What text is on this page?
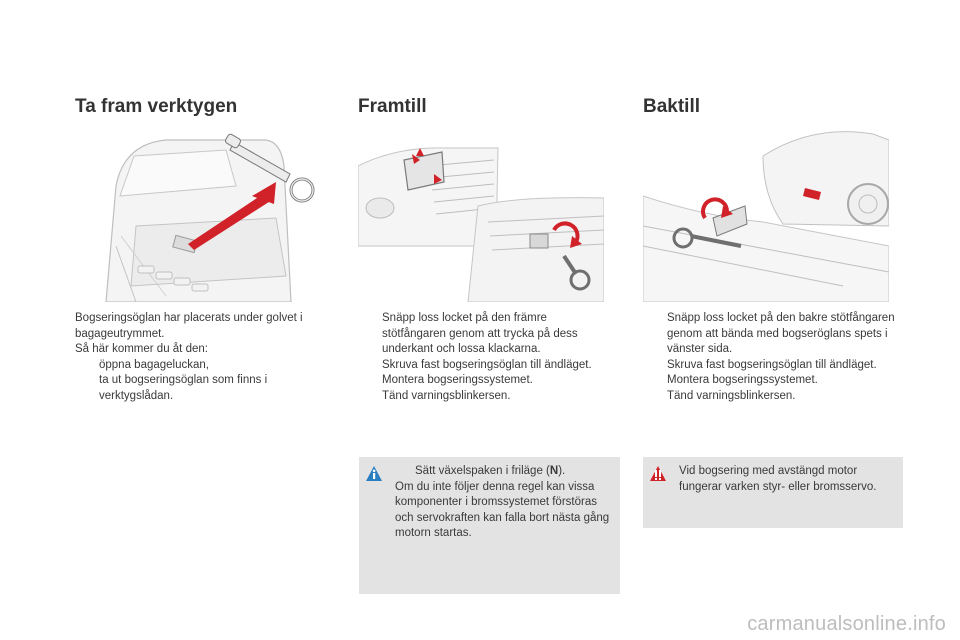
Ta fram verktygen	Framtill	Baktill

Bogseringsöglan har placerats under golvet i bagageutrymmet.

Så här kommer du åt den:

öppna bagageluckan,
ta ut bogseringsöglan som finns i verktygslådan.
Snäpp loss locket på den främre stötfångaren genom att trycka på dess underkant och lossa klackarna.
Skruva fast bogseringsöglan till ändläget.
Montera bogseringssystemet.
Tänd varningsblinkersen.
Snäpp loss locket på den bakre stötfångaren genom att bända med bogseröglans spets i vänster sida.
Skruva fast bogseringsöglan till ändläget.
Montera bogseringssystemet.
Tänd varningsblinkersen.
Sätt växelspaken i friläge (N).

Om du inte följer denna regel kan vissa komponenter i bromssystemet förstöras och servokraften kan falla bort nästa gång motorn startas.

Vid bogsering med avstängd motor fungerar varken styr- eller bromsservo.

carmanualsonline.info
